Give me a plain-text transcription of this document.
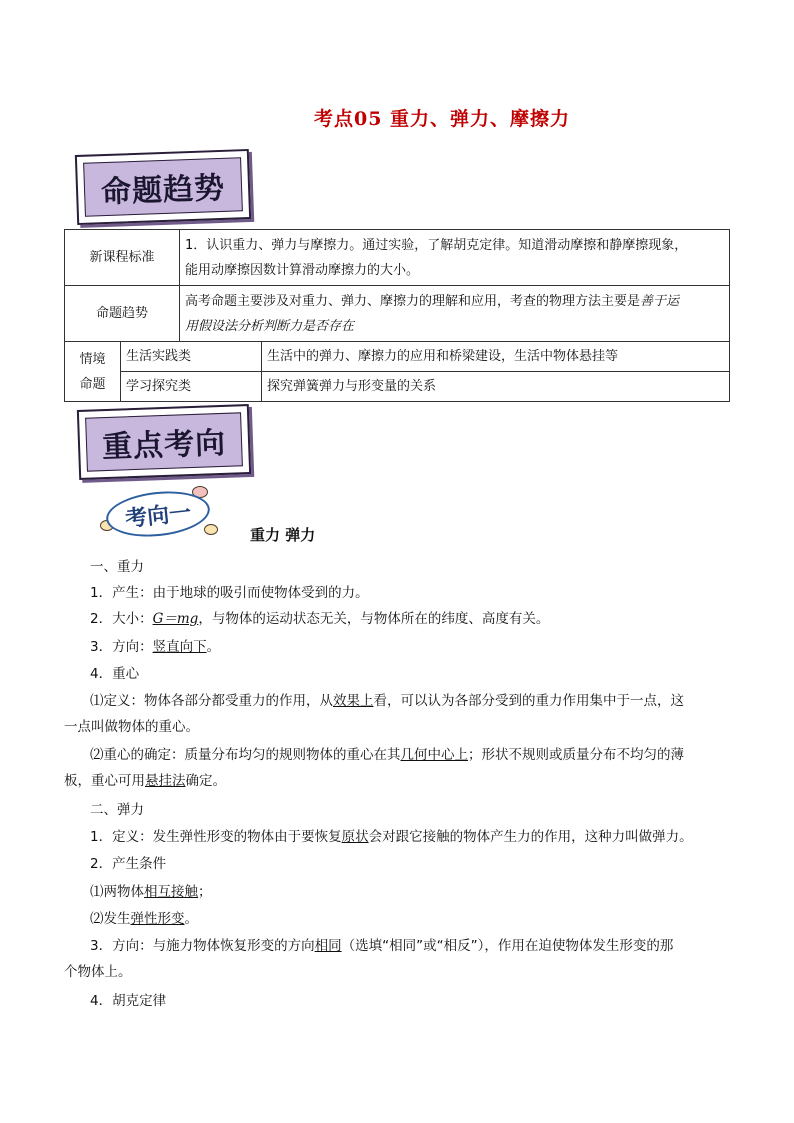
考点05 重力、弹力、摩擦力
命题趋势
新课程标准		1．认识重力、弹力与摩擦力。通过实验，了解胡克定律。知道滑动摩擦和静摩擦现象，
能用动摩擦因数计算滑动摩擦力的大小。	

命题趋势		高考命题主要涉及对重力、弹力、摩擦力的理解和应用，考查的物理方法主要是善于运
用假设法分析判断力是否存在	

情境
命题	生活实践类		生活中的弹力、摩擦力的应用和桥梁建设，生活中物体悬挂等
	学习探究类		探究弹簧弹力与形变量的关系
重点考向
考向一
重力 弹力
一、重力
1．产生：由于地球的吸引而使物体受到的力。
2．大小：G＝mg，与物体的运动状态无关，与物体所在的纬度、高度有关。
3．方向：竖直向下。
4．重心
⑴定义：物体各部分都受重力的作用，从效果上看，可以认为各部分受到的重力作用集中于一点，这
一点叫做物体的重心。
⑵重心的确定：质量分布均匀的规则物体的重心在其几何中心上；形状不规则或质量分布不均匀的薄
板，重心可用悬挂法确定。
二、弹力
1．定义：发生弹性形变的物体由于要恢复原状会对跟它接触的物体产生力的作用，这种力叫做弹力。
2．产生条件
⑴两物体相互接触；
⑵发生弹性形变。
3．方向：与施力物体恢复形变的方向相同（选填“相同”或“相反”），作用在迫使物体发生形变的那
个物体上。
4．胡克定律
